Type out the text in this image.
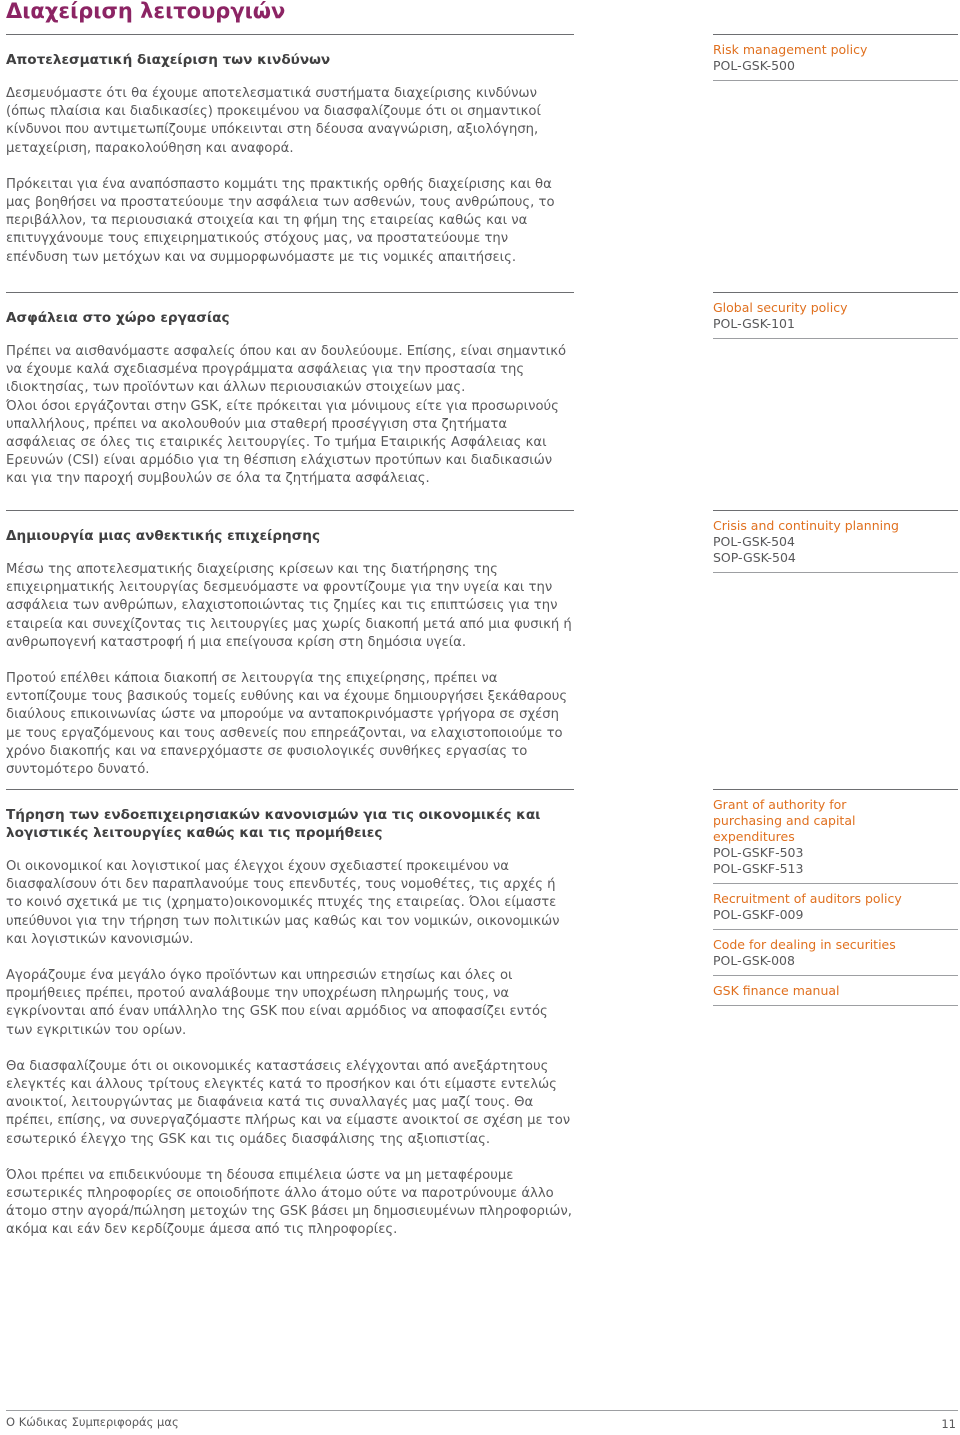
Διαχείριση λειτουργιών
Αποτελεσματική διαχείριση των κινδύνων

Δεσμευόμαστε ότι θα έχουμε αποτελεσματικά συστήματα διαχείρισης κινδύνων (όπως πλαίσια και διαδικασίες) προκειμένου να διασφαλίζουμε ότι οι σημαντικοί κίνδυνοι που αντιμετωπίζουμε υπόκεινται στη δέουσα αναγνώριση, αξιολόγηση, μεταχείριση, παρακολούθηση και αναφορά.

Πρόκειται για ένα αναπόσπαστο κομμάτι της πρακτικής ορθής διαχείρισης και θα μας βοηθήσει να προστατεύουμε την ασφάλεια των ασθενών, τους ανθρώπους, το περιβάλλον, τα περιουσιακά στοιχεία και τη φήμη της εταιρείας καθώς και να επιτυγχάνουμε τους επιχειρηματικούς στόχους μας, να προστατεύουμε την επένδυση των μετόχων και να συμμορφωνόμαστε με τις νομικές απαιτήσεις.

Ασφάλεια στο χώρο εργασίας

Πρέπει να αισθανόμαστε ασφαλείς όπου και αν δουλεύουμε. Επίσης, είναι σημαντικό να έχουμε καλά σχεδιασμένα προγράμματα ασφάλειας για την προστασία της ιδιοκτησίας, των προϊόντων και άλλων περιουσιακών στοιχείων μας.

Όλοι όσοι εργάζονται στην GSK, είτε πρόκειται για μόνιμους είτε για προσωρινούς υπαλλήλους, πρέπει να ακολουθούν μια σταθερή προσέγγιση στα ζητήματα ασφάλειας σε όλες τις εταιρικές λειτουργίες. Το τμήμα Εταιρικής Ασφάλειας και Ερευνών (CSI) είναι αρμόδιο για τη θέσπιση ελάχιστων προτύπων και διαδικασιών και για την παροχή συμβουλών σε όλα τα ζητήματα ασφάλειας.

Δημιουργία μιας ανθεκτικής επιχείρησης

Μέσω της αποτελεσματικής διαχείρισης κρίσεων και της διατήρησης της επιχειρηματικής λειτουργίας δεσμευόμαστε να φροντίζουμε για την υγεία και την ασφάλεια των ανθρώπων, ελαχιστοποιώντας τις ζημίες και τις επιπτώσεις για την εταιρεία και συνεχίζοντας τις λειτουργίες μας χωρίς διακοπή μετά από μια φυσική ή ανθρωπογενή καταστροφή ή μια επείγουσα κρίση στη δημόσια υγεία.

Προτού επέλθει κάποια διακοπή σε λειτουργία της επιχείρησης, πρέπει να εντοπίζουμε τους βασικούς τομείς ευθύνης και να έχουμε δημιουργήσει ξεκάθαρους διαύλους επικοινωνίας ώστε να μπορούμε να ανταποκρινόμαστε γρήγορα σε σχέση με τους εργαζόμενους και τους ασθενείς που επηρεάζονται, να ελαχιστοποιούμε το χρόνο διακοπής και να επανερχόμαστε σε φυσιολογικές συνθήκες εργασίας το συντομότερο δυνατό.

Τήρηση των ενδοεπιχειρησιακών κανονισμών για τις οικονομικές και λογιστικές λειτουργίες καθώς και τις προμήθειες

Οι οικονομικοί και λογιστικοί μας έλεγχοι έχουν σχεδιαστεί προκειμένου να διασφαλίσουν ότι δεν παραπλανούμε τους επενδυτές, τους νομοθέτες, τις αρχές ή το κοινό σχετικά με τις (χρηματο)οικονομικές πτυχές της εταιρείας. Όλοι είμαστε υπεύθυνοι για την τήρηση των πολιτικών μας καθώς και τον νομικών, οικονομικών και λογιστικών κανονισμών.

Αγοράζουμε ένα μεγάλο όγκο προϊόντων και υπηρεσιών ετησίως και όλες οι προμήθειες πρέπει, προτού αναλάβουμε την υποχρέωση πληρωμής τους, να εγκρίνονται από έναν υπάλληλο της GSK που είναι αρμόδιος να αποφασίζει εντός των εγκριτικών του ορίων.

Θα διασφαλίζουμε ότι οι οικονομικές καταστάσεις ελέγχονται από ανεξάρτητους ελεγκτές και άλλους τρίτους ελεγκτές κατά το προσήκον και ότι είμαστε εντελώς ανοικτοί, λειτουργώντας με διαφάνεια κατά τις συναλλαγές μας μαζί τους. Θα πρέπει, επίσης, να συνεργαζόμαστε πλήρως και να είμαστε ανοικτοί σε σχέση με τον εσωτερικό έλεγχο της GSK και τις ομάδες διασφάλισης της αξιοπιστίας.

Όλοι πρέπει να επιδεικνύουμε τη δέουσα επιμέλεια ώστε να μη μεταφέρουμε εσωτερικές πληροφορίες σε οποιοδήποτε άλλο άτομο ούτε να παροτρύνουμε άλλο άτομο στην αγορά/πώληση μετοχών της GSK βάσει μη δημοσιευμένων πληροφοριών, ακόμα και εάν δεν κερδίζουμε άμεσα από τις πληροφορίες.

Risk management policy
POL-GSK-500
Global security policy
POL-GSK-101
Crisis and continuity planning
POL-GSK-504
SOP-GSK-504
Grant of authority for purchasing and capital expenditures
POL-GSKF-503
POL-GSKF-513
Recruitment of auditors policy
POL-GSKF-009
Code for dealing in securities
POL-GSK-008
GSK finance manual
Ο Κώδικας Συμπεριφοράς μας	11
